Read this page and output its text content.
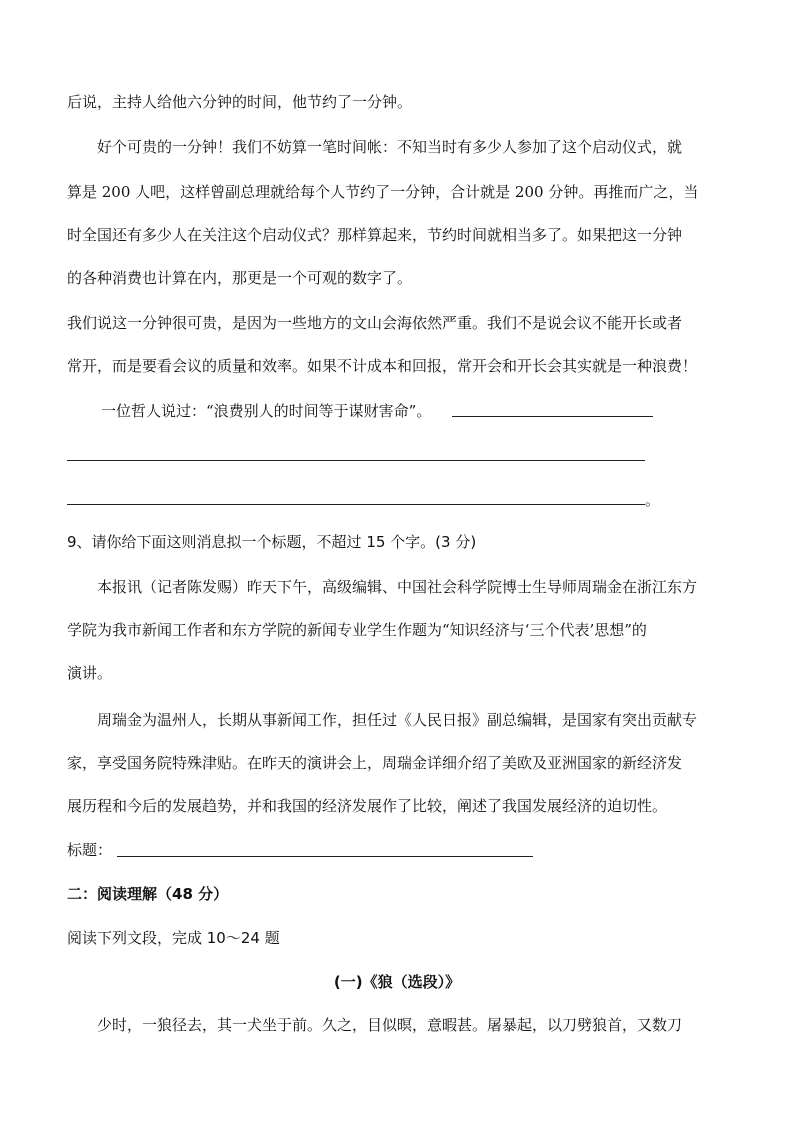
后说，主持人给他六分钟的时间，他节约了一分钟。
好个可贵的一分钟！我们不妨算一笔时间帐：不知当时有多少人参加了这个启动仪式，就
算是 200 人吧，这样曾副总理就给每个人节约了一分钟，合计就是 200 分钟。再推而广之，当
时全国还有多少人在关注这个启动仪式？那样算起来，节约时间就相当多了。如果把这一分钟
的各种消费也计算在内，那更是一个可观的数字了。
我们说这一分钟很可贵，是因为一些地方的文山会海依然严重。我们不是说会议不能开长或者
常开，而是要看会议的质量和效率。如果不计成本和回报，常开会和开长会其实就是一种浪费！
一位哲人说过：“浪费别人的时间等于谋财害命”。
。
9、请你给下面这则消息拟一个标题，不超过 15 个字。(3 分)
本报讯（记者陈发赐）昨天下午，高级编辑、中国社会科学院博士生导师周瑞金在浙江东方
学院为我市新闻工作者和东方学院的新闻专业学生作题为“知识经济与‘三个代表’思想”的
演讲。
周瑞金为温州人，长期从事新闻工作，担任过《人民日报》副总编辑，是国家有突出贡献专
家，享受国务院特殊津贴。在昨天的演讲会上，周瑞金详细介绍了美欧及亚洲国家的新经济发
展历程和今后的发展趋势，并和我国的经济发展作了比较，阐述了我国发展经济的迫切性。
标题：
二：阅读理解（48 分）
阅读下列文段，完成 10～24 题
(一)《狼（选段）》
少时，一狼径去，其一犬坐于前。久之，目似暝，意暇甚。屠暴起，以刀劈狼首，又数刀
